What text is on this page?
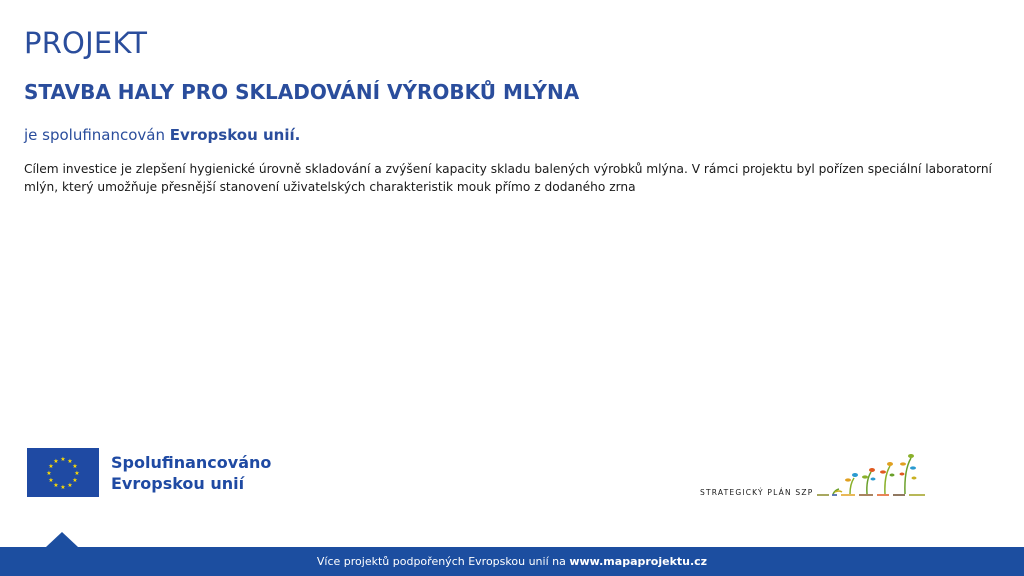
PROJEKT
STAVBA HALY PRO SKLADOVÁNÍ VÝROBKŮ MLÝNA
je spolufinancován Evropskou unií.
Cílem investice je zlepšení hygienické úrovně skladování a zvýšení kapacity skladu balených výrobků mlýna. V rámci projektu byl pořízen speciální laboratorní mlýn, který umožňuje přesnější stanovení uživatelských charakteristik mouk přímo z dodaného zrna
★ ★
★
★
★
★
★
★
★
★
★
★	Spolufinancováno
Evropskou unií	STRATEGICKÝ PLÁN SZP
Více projektů podpořených Evropskou unií na www.mapaprojektu.cz
